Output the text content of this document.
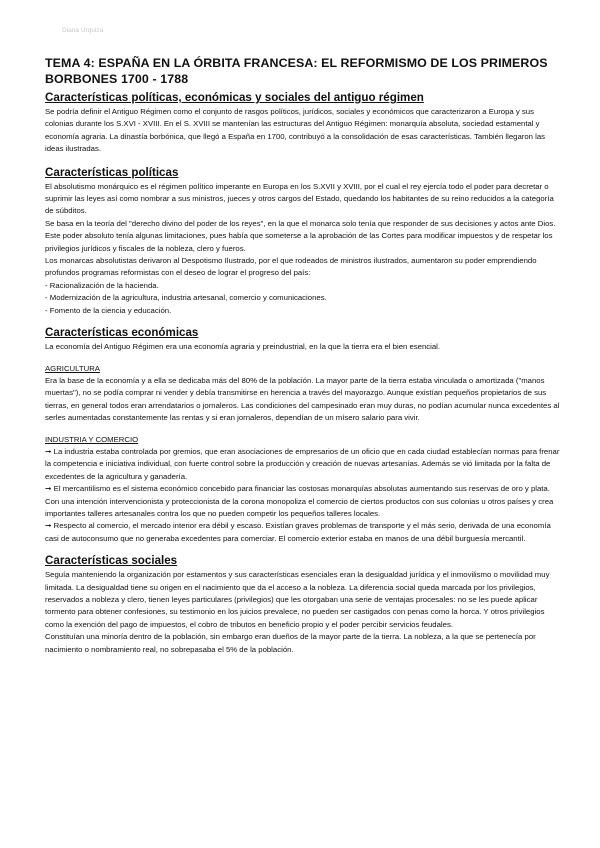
Diana Urquiza
TEMA 4: ESPAÑA EN LA ÓRBITA FRANCESA: EL REFORMISMO DE LOS PRIMEROS BORBONES 1700 - 1788
Características políticas, económicas y sociales del antiguo régimen

Se podría definir el Antiguo Régimen como el conjunto de rasgos políticos, jurídicos, sociales y económicos que caracterizaron a Europa y sus colonias durante los S.XVI - XVIII. En el S. XVIII se mantenían las estructuras del Antiguo Régimen: monarquía absoluta, sociedad estamental y economía agraria. La dinastía borbónica, que llegó a España en 1700, contribuyó a la consolidación de esas características. También llegaron las ideas ilustradas.

Características políticas

El absolutismo monárquico es el régimen político imperante en Europa en los S.XVII y XVIII, por el cual el rey ejercía todo el poder para decretar o suprimir las leyes así como nombrar a sus ministros, jueces y otros cargos del Estado, quedando los habitantes de su reino reducidos a la categoría de súbditos.

Se basa en la teoría del "derecho divino del poder de los reyes", en la que el monarca solo tenía que responder de sus decisiones y actos ante Dios. Este poder absoluto tenía algunas limitaciones, pues había que someterse a la aprobación de las Cortes para modificar impuestos y de respetar los privilegios jurídicos y fiscales de la nobleza, clero y fueros.

Los monarcas absolutistas derivaron al Despotismo Ilustrado, por el que rodeados de ministros ilustrados, aumentaron su poder emprendiendo profundos programas reformistas con el deseo de lograr el progreso del país:

- Racionalización de la hacienda.

- Modernización de la agricultura, industria artesanal, comercio y comunicaciones.

- Fomento de la ciencia y educación.

Características económicas

La economía del Antiguo Régimen era una economía agraria y preindustrial, en la que la tierra era el bien esencial.

AGRICULTURA

Era la base de la economía y a ella se dedicaba más del 80% de la población. La mayor parte de la tierra estaba vinculada o amortizada ("manos muertas"), no se podía comprar ni vender y debía transmitirse en herencia a través del mayorazgo. Aunque existían pequeños propietarios de sus tierras, en general todos eran arrendatarios o jornaleros. Las condiciones del campesinado eran muy duras, no podían acumular nunca excedentes al serles aumentadas constantemente las rentas y si eran jornaleros, dependían de un mísero salario para vivir.

INDUSTRIA Y COMERCIO

➞ La industria estaba controlada por gremios, que eran asociaciones de empresarios de un oficio que en cada ciudad establecían normas para frenar la competencia e iniciativa individual, con fuerte control sobre la producción y creación de nuevas artesanías. Además se vió limitada por la falta de excedentes de la agricultura y ganadería.

➞ El mercantilismo es el sistema económico concebido para financiar las costosas monarquías absolutas aumentando sus reservas de oro y plata. Con una intención intervencionista y proteccionista de la corona monopoliza el comercio de ciertos productos con sus colonias u otros países y crea importantes talleres artesanales contra los que no pueden competir los pequeños talleres locales.

➞ Respecto al comercio, el mercado interior era débil y escaso. Existían graves problemas de transporte y el más serio, derivada de una economía casi de autoconsumo que no generaba excedentes para comerciar. El comercio exterior estaba en manos de una débil burguesía mercantil.

Características sociales

Seguía manteniendo la organización por estamentos y sus características esenciales eran la desigualdad jurídica y el inmovilismo o movilidad muy limitada. La desigualdad tiene su origen en el nacimiento que da el acceso a la nobleza. La diferencia social queda marcada por los privilegios, reservados a nobleza y clero, tienen leyes particulares (privilegios) que les otorgaban una serie de ventajas procesales: no se les puede aplicar tormento para obtener confesiones, su testimonio en los juicios prevalece, no pueden ser castigados con penas como la horca. Y otros privilegios como la exención del pago de impuestos, el cobro de tributos en beneficio propio y el poder percibir servicios feudales.

Constituían una minoría dentro de la población, sin embargo eran dueños de la mayor parte de la tierra. La nobleza, a la que se pertenecía por nacimiento o nombramiento real, no sobrepasaba el 5% de la población.
